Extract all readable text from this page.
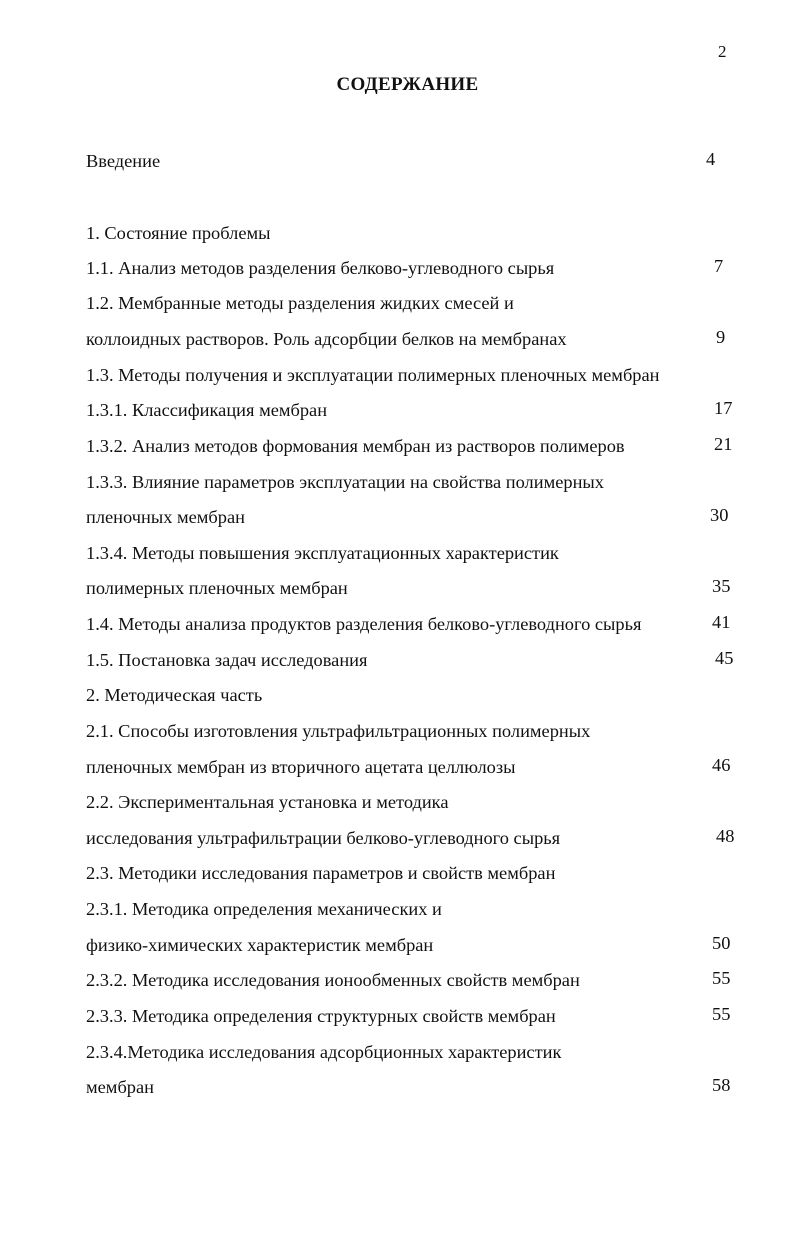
2
СОДЕРЖАНИЕ
Введение	4
1. Состояние проблемы
1.1. Анализ методов разделения белково-углеводного сырья	7
1.2. Мембранные методы разделения жидких смесей и
коллоидных растворов. Роль адсорбции белков на мембранах	9
1.3. Методы получения и эксплуатации полимерных пленочных мембран
1.3.1. Классификация мембран	17
1.3.2. Анализ методов формования мембран из растворов полимеров	21
1.3.3. Влияние параметров эксплуатации на свойства полимерных
пленочных мембран	30
1.3.4. Методы повышения эксплуатационных характеристик
полимерных пленочных мембран	35
1.4. Методы анализа продуктов разделения белково-углеводного сырья	41
1.5. Постановка задач исследования	45
2. Методическая часть
2.1. Способы изготовления ультрафильтрационных полимерных
пленочных мембран из вторичного ацетата целлюлозы	46
2.2. Экспериментальная установка и методика
исследования ультрафильтрации белково-углеводного сырья	48
2.3. Методики исследования параметров и свойств мембран
2.3.1. Методика определения механических и
физико-химических характеристик мембран	50
2.3.2. Методика исследования ионообменных свойств мембран	55
2.3.3. Методика определения структурных свойств мембран	55
2.3.4.Методика исследования адсорбционных характеристик
мембран	58
